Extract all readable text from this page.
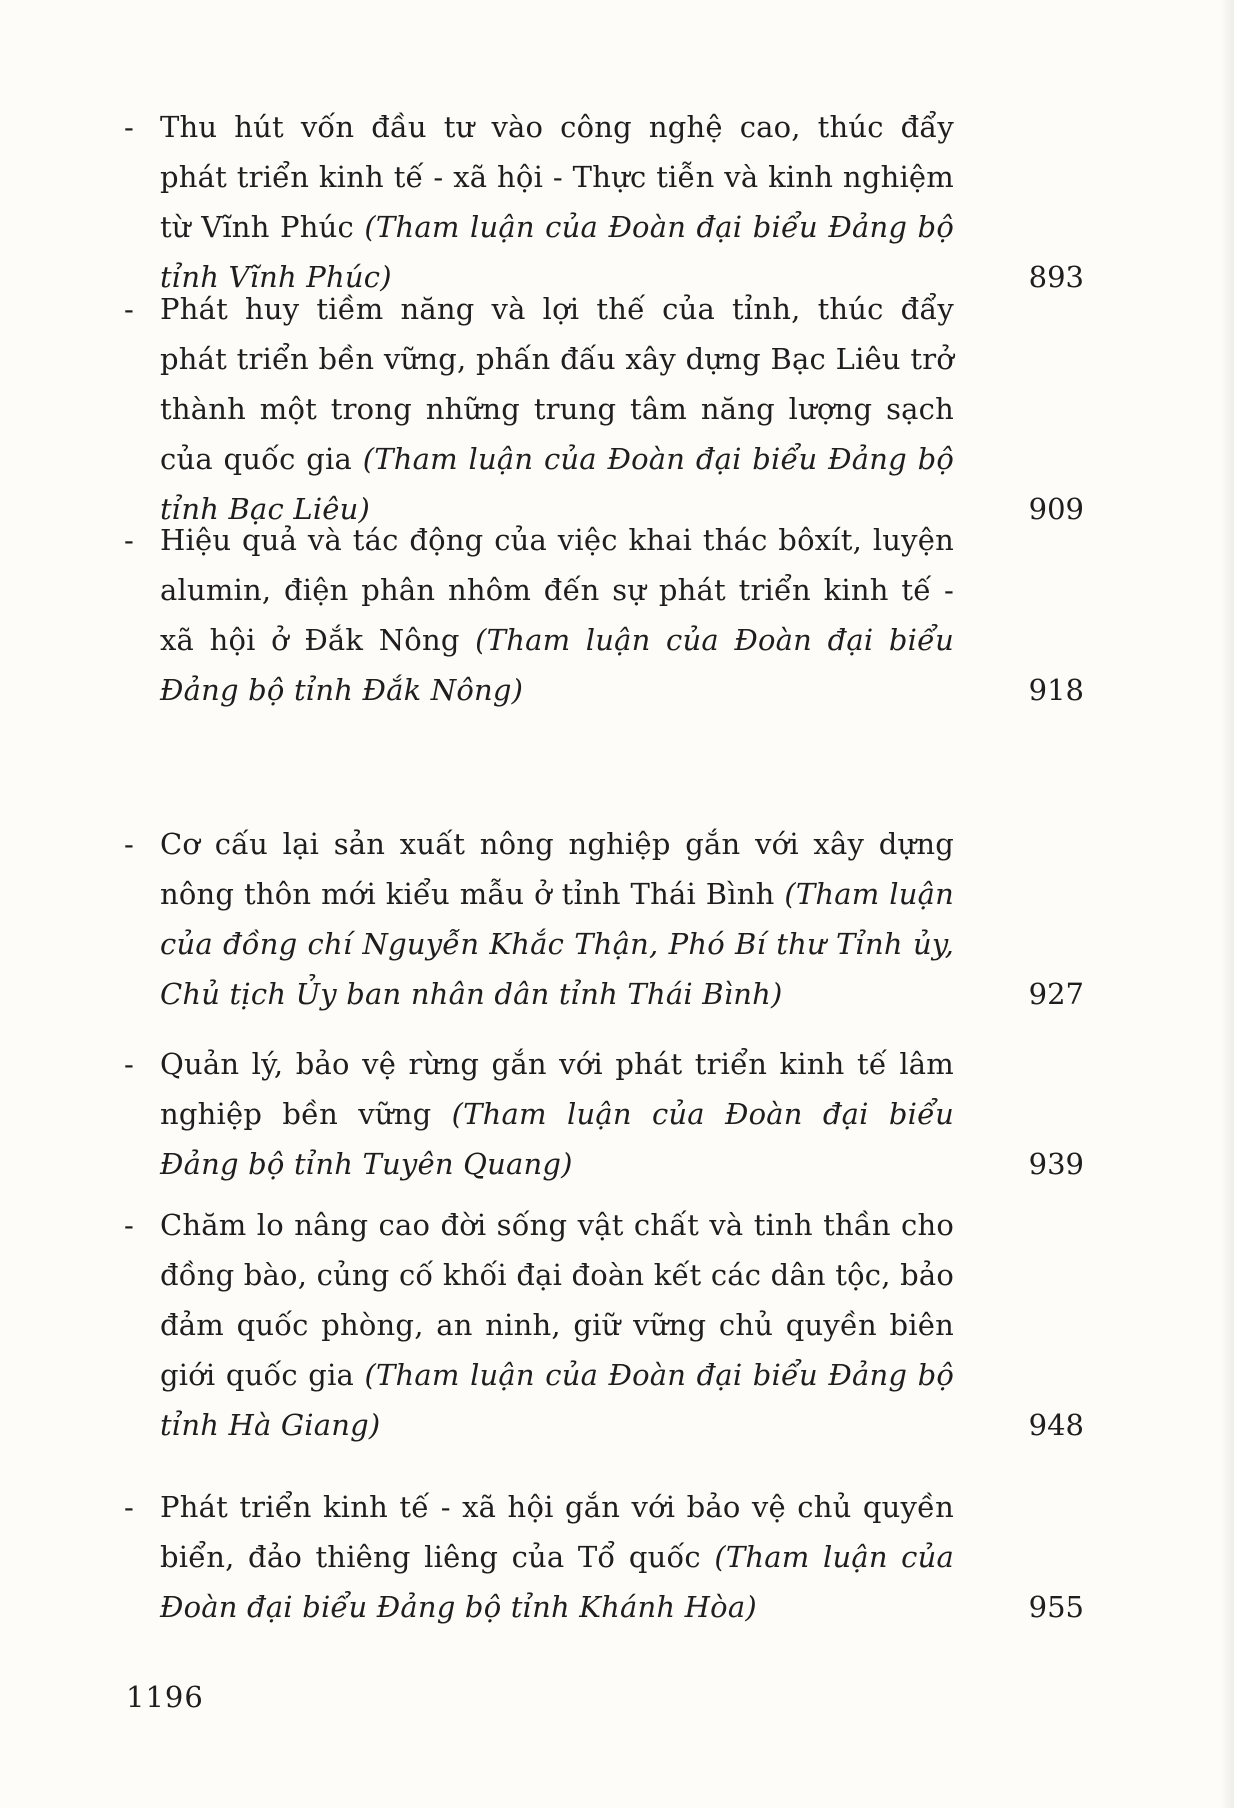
- Thu hút vốn đầu tư vào công nghệ cao, thúc đẩy phát triển kinh tế - xã hội - Thực tiễn và kinh nghiệm từ Vĩnh Phúc (Tham luận của Đoàn đại biểu Đảng bộ tỉnh Vĩnh Phúc)	893
- Phát huy tiềm năng và lợi thế của tỉnh, thúc đẩy phát triển bền vững, phấn đấu xây dựng Bạc Liêu trở thành một trong những trung tâm năng lượng sạch của quốc gia (Tham luận của Đoàn đại biểu Đảng bộ tỉnh Bạc Liêu)	909
- Hiệu quả và tác động của việc khai thác bôxít, luyện alumin, điện phân nhôm đến sự phát triển kinh tế - xã hội ở Đắk Nông (Tham luận của Đoàn đại biểu Đảng bộ tỉnh Đắk Nông)	918
- Cơ cấu lại sản xuất nông nghiệp gắn với xây dựng nông thôn mới kiểu mẫu ở tỉnh Thái Bình (Tham luận của đồng chí Nguyễn Khắc Thận, Phó Bí thư Tỉnh ủy, Chủ tịch Ủy ban nhân dân tỉnh Thái Bình)	927
- Quản lý, bảo vệ rừng gắn với phát triển kinh tế lâm nghiệp bền vững (Tham luận của Đoàn đại biểu Đảng bộ tỉnh Tuyên Quang)	939
- Chăm lo nâng cao đời sống vật chất và tinh thần cho đồng bào, củng cố khối đại đoàn kết các dân tộc, bảo đảm quốc phòng, an ninh, giữ vững chủ quyền biên giới quốc gia (Tham luận của Đoàn đại biểu Đảng bộ tỉnh Hà Giang)	948
- Phát triển kinh tế - xã hội gắn với bảo vệ chủ quyền biển, đảo thiêng liêng của Tổ quốc (Tham luận của Đoàn đại biểu Đảng bộ tỉnh Khánh Hòa)	955
1196
